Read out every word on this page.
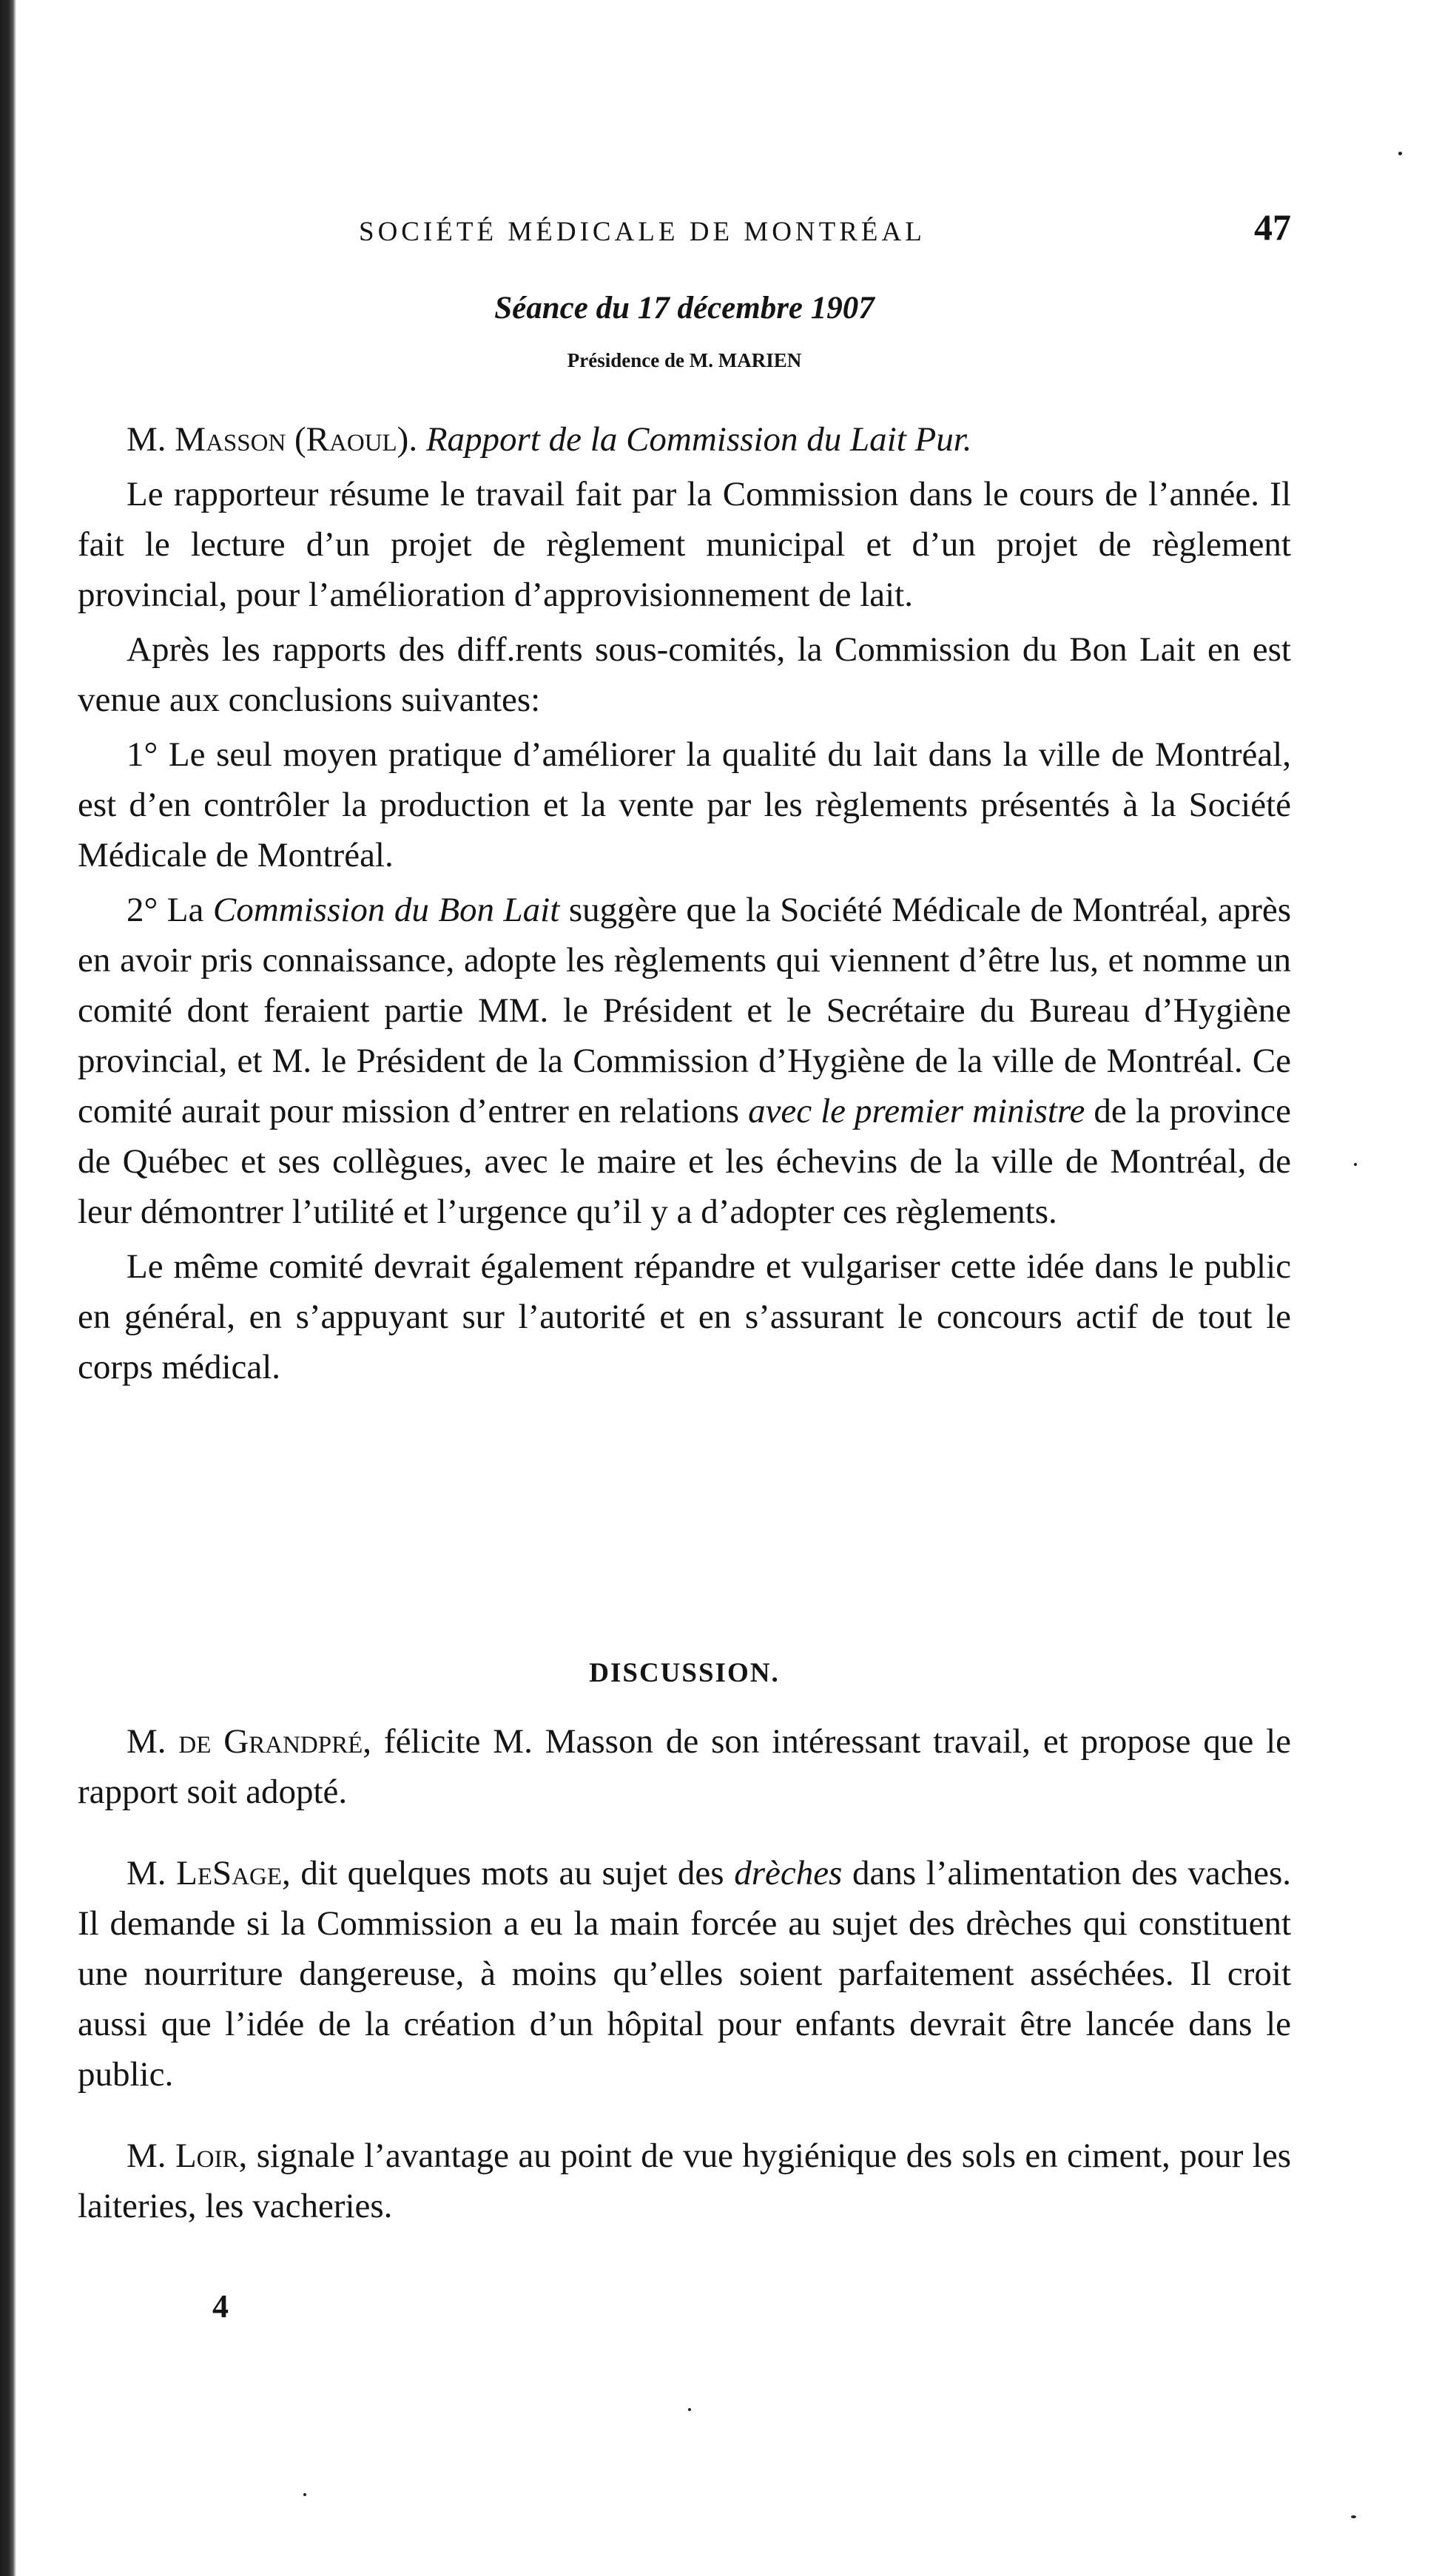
SOCIÉTÉ MÉDICALE DE MONTRÉAL	47
Séance du 17 décembre 1907
Présidence de M. MARIEN

M. Masson (Raoul). Rapport de la Commission du Lait Pur.

Le rapporteur résume le travail fait par la Commission dans le cours de l’année. Il fait le lecture d’un projet de règlement municipal et d’un projet de règlement provincial, pour l’amélioration d’approvisionnement de lait.

Après les rapports des diff.rents sous-comités, la Commission du Bon Lait en est venue aux conclusions suivantes:

1° Le seul moyen pratique d’améliorer la qualité du lait dans la ville de Montréal, est d’en contrôler la production et la vente par les règlements présentés à la Société Médicale de Montréal.

2° La Commission du Bon Lait suggère que la Société Médicale de Montréal, après en avoir pris connaissance, adopte les règlements qui viennent d’être lus, et nomme un comité dont feraient partie MM. le Président et le Secrétaire du Bureau d’Hygiène provincial, et M. le Président de la Commission d’Hygiène de la ville de Montréal. Ce comité aurait pour mission d’entrer en relations avec le premier ministre de la province de Québec et ses collègues, avec le maire et les échevins de la ville de Montréal, de leur démontrer l’utilité et l’urgence qu’il y a d’adopter ces règlements.

Le même comité devrait également répandre et vulgariser cette idée dans le public en général, en s’appuyant sur l’autorité et en s’assurant le concours actif de tout le corps médical.

DISCUSSION.

M. de Grandpré, félicite M. Masson de son intéressant travail, et propose que le rapport soit adopté.

M. LeSage, dit quelques mots au sujet des drèches dans l’alimentation des vaches. Il demande si la Commission a eu la main forcée au sujet des drèches qui constituent une nourriture dangereuse, à moins qu’elles soient parfaitement asséchées. Il croit aussi que l’idée de la création d’un hôpital pour enfants devrait être lancée dans le public.

M. Loir, signale l’avantage au point de vue hygiénique des sols en ciment, pour les laiteries, les vacheries.

4
